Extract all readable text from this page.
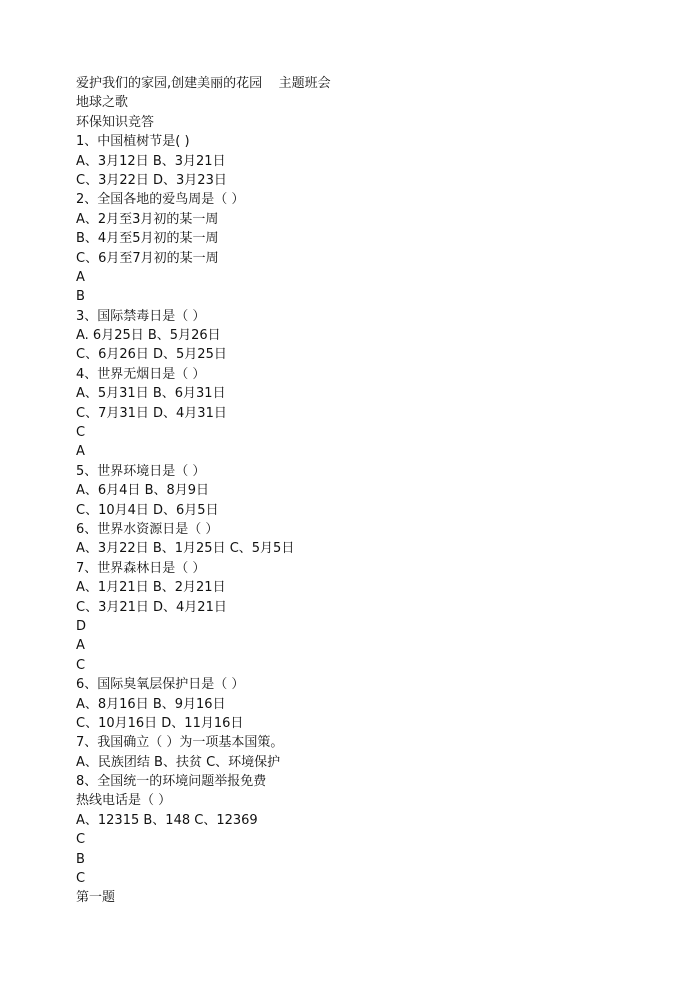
爱护我们的家园,创建美丽的花园    主题班会
地球之歌
环保知识竞答
1、中国植树节是( )
A、3月12日 B、3月21日
C、3月22日 D、3月23日
2、全国各地的爱鸟周是（ ）
A、2月至3月初的某一周
B、4月至5月初的某一周
C、6月至7月初的某一周
A
B
3、国际禁毒日是（ ）
A. 6月25日 B、5月26日
C、6月26日 D、5月25日
4、世界无烟日是（ ）
A、5月31日 B、6月31日
C、7月31日 D、4月31日
C
A
5、世界环境日是（ ）
A、6月4日 B、8月9日
C、10月4日 D、6月5日
6、世界水资源日是（ ）
A、3月22日 B、1月25日 C、5月5日
7、世界森林日是（ ）
A、1月21日 B、2月21日
C、3月21日 D、4月21日
D
A
C
6、国际臭氧层保护日是（ ）
A、8月16日 B、9月16日
C、10月16日 D、11月16日
7、我国确立（ ）为一项基本国策。
A、民族团结 B、扶贫 C、环境保护
8、全国统一的环境问题举报免费
热线电话是（ ）
A、12315 B、148 C、12369
C
B
C
第一题
